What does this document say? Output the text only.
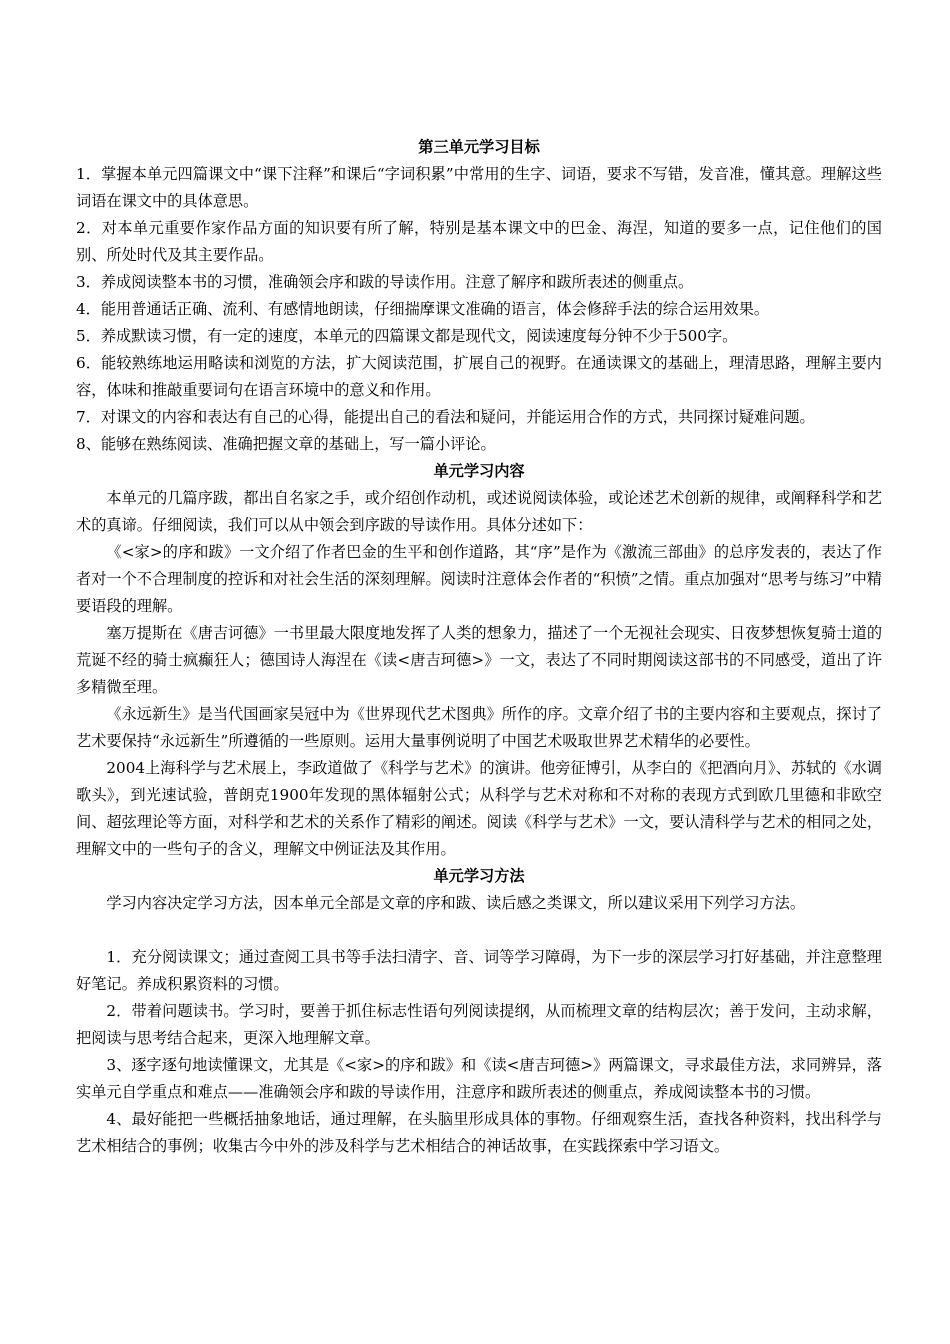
第三单元学习目标

1．掌握本单元四篇课文中“课下注释”和课后“字词积累”中常用的生字、词语，要求不写错，发音准，懂其意。理解这些词语在课文中的具体意思。

2．对本单元重要作家作品方面的知识要有所了解，特别是基本课文中的巴金、海涅，知道的要多一点，记住他们的国别、所处时代及其主要作品。

3．养成阅读整本书的习惯，准确领会序和跋的导读作用。注意了解序和跋所表述的侧重点。

4．能用普通话正确、流利、有感情地朗读，仔细揣摩课文准确的语言，体会修辞手法的综合运用效果。

5．养成默读习惯，有一定的速度，本单元的四篇课文都是现代文，阅读速度每分钟不少于500字。

6．能较熟练地运用略读和浏览的方法，扩大阅读范围，扩展自己的视野。在通读课文的基础上，理清思路，理解主要内容，体味和推敲重要词句在语言环境中的意义和作用。

7．对课文的内容和表达有自己的心得，能提出自己的看法和疑问，并能运用合作的方式，共同探讨疑难问题。

8、能够在熟练阅读、准确把握文章的基础上，写一篇小评论。

单元学习内容

本单元的几篇序跋，都出自名家之手，或介绍创作动机，或述说阅读体验，或论述艺术创新的规律，或阐释科学和艺术的真谛。仔细阅读，我们可以从中领会到序跋的导读作用。具体分述如下：

《<家>的序和跋》一文介绍了作者巴金的生平和创作道路，其“序”是作为《激流三部曲》的总序发表的，表达了作者对一个不合理制度的控诉和对社会生活的深刻理解。阅读时注意体会作者的“积愤”之情。重点加强对“思考与练习”中精要语段的理解。

塞万提斯在《唐吉诃德》一书里最大限度地发挥了人类的想象力，描述了一个无视社会现实、日夜梦想恢复骑士道的荒诞不经的骑士疯癫狂人；德国诗人海涅在《读<唐吉珂德>》一文，表达了不同时期阅读这部书的不同感受，道出了许多精微至理。

《永远新生》是当代国画家吴冠中为《世界现代艺术图典》所作的序。文章介绍了书的主要内容和主要观点，探讨了艺术要保持“永远新生”所遵循的一些原则。运用大量事例说明了中国艺术吸取世界艺术精华的必要性。

2004上海科学与艺术展上，李政道做了《科学与艺术》的演讲。他旁征博引，从李白的《把酒向月》、苏轼的《水调歌头》，到光速试验，普朗克1900年发现的黑体辐射公式；从科学与艺术对称和不对称的表现方式到欧几里德和非欧空间、超弦理论等方面，对科学和艺术的关系作了精彩的阐述。阅读《科学与艺术》一文，要认清科学与艺术的相同之处，理解文中的一些句子的含义，理解文中例证法及其作用。

单元学习方法

学习内容决定学习方法，因本单元全部是文章的序和跋、读后感之类课文，所以建议采用下列学习方法。

1．充分阅读课文；通过查阅工具书等手法扫清字、音、词等学习障碍，为下一步的深层学习打好基础，并注意整理好笔记。养成积累资料的习惯。

2．带着问题读书。学习时，要善于抓住标志性语句列阅读提纲，从而梳理文章的结构层次；善于发问，主动求解，把阅读与思考结合起来，更深入地理解文章。

3、逐字逐句地读懂课文，尤其是《<家>的序和跋》和《读<唐吉珂德>》两篇课文，寻求最佳方法，求同辨异，落实单元自学重点和难点——准确领会序和跋的导读作用，注意序和跋所表述的侧重点，养成阅读整本书的习惯。

4、最好能把一些概括抽象地话，通过理解，在头脑里形成具体的事物。仔细观察生活，查找各种资料，找出科学与艺术相结合的事例；收集古今中外的涉及科学与艺术相结合的神话故事，在实践探索中学习语文。
